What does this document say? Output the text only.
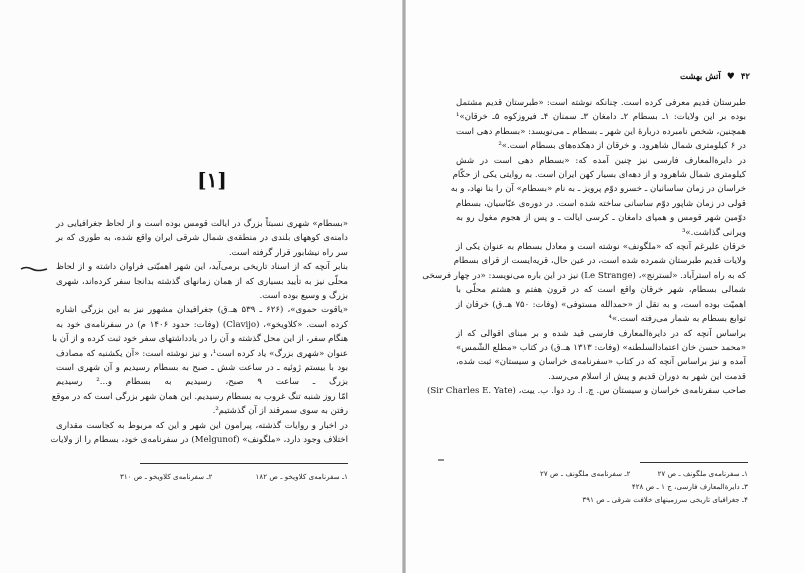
[۱]
«بسطام» شهری نسبتاً بزرگ در ایالت قومس بوده است و از لحاظ جغرافیایی در
دامنه‌ی کوههای بلندی در منطقه‌ی شمال شرقی ایران واقع شده، به طوری که بر
سر راه نیشابور قرار گرفته است.
بنابر آنچه که از اسناد تاریخی برمی‌آید، این شهر اهمیّتی فراوان داشته و از لحاظ
محلّی نیز به تأیید بسیاری که از همان زمانهای گذشته بدانجا سفر کرده‌اند، شهری
بزرگ و وسیع بوده است.
«یاقوت حموی»، (۶۲۶ ـ ۵۳۹ هـ.ق) جغرافیدان مشهور نیز به این بزرگی اشاره
کرده است. «کلاویخو»، (Clavijo) (وفات: حدود ۱۴۰۶ م) در سفرنامه‌ی خود به
هنگام سفر، از این محل گذشته و آن را در یادداشتهای سفر خود ثبت کرده و از آن با
عنوان «شهری بزرگ» یاد کرده است¹، و نیز نوشته است: «آن یکشنبه که مصادف
بود با بیستم ژوئیه ـ در ساعت شش ـ صبح به بسطام رسیدیم و آن شهری است
بزرگ ـ ساعت ۹ صبح، رسیدیم به بسطام و...² رسیدیم
امّا روز شنبه تنگ غروب به بسطام رسیدیم. این همان شهر بزرگی است که در موقع
رفتن به سوی سمرقند از آن گذشتیم².
در اخبار و روایات گذشته، پیرامون این شهر و این که مربوط به کجاست مقداری
اختلاف وجود دارد، «ملگونف» (Melgunof) در سفرنامه‌ی خود، بسطام را از ولایات
۱ـ سفرنامه‌ی کلاویخو ـ ص ۱۸۲
۲ـ سفرنامه‌ی کلاویخو ـ ص ۳۱۰
۴۲
♥
آتش بهشت
طبرستان قدیم معرفی کرده است. چنانکه نوشته است: «طبرستان قدیم مشتمل
بوده بر این ولایات: ۱ـ بسطام ۲ـ دامغان ۳ـ سمنان ۴ـ فیروزکوه ۵ـ خرقان»¹
همچنین، شخص نامبرده دربارهٔ این شهر ـ بسطام ـ می‌نویسد: «بسطام دهی است
در ۶ کیلومتری شمال شاهرود. و خرقان از دهکده‌های بسطام است.»²
در دایرةالمعارف فارسی نیز چنین آمده که: «بسطام دهی است در شش
کیلومتری شمال شاهرود و از دهه‌ای بسیار کهن ایران است. به روایتی یکی از حکّام
خراسان در زمان ساسانیان ـ خسرو دوّم پرویز ـ به نام «بسطام» آن را بنا نهاد، و به
قولی در زمان شاپور دوّم ساسانی ساخته شده است. در دوره‌ی عبّاسیان، بسطام
دوّمین شهر قومس و همپای دامغان ـ کرسی ایالت ـ و پس از هجوم مغول رو به
ویرانی گذاشت.»³
خرقان علیرغم آنچه که «ملگونف» نوشته است و معادل بسطام به عنوان یکی از
ولایات قدیم طبرستان شمرده شده است، در عین حال، قریه‌ایست از قرای بسطام
که به راه استرآباد. «لسترنج»، (Le Strange) نیز در این باره می‌نویسد: «در چهار فرسخی
شمالی بسطام، شهر خرقان واقع است که در قرون هفتم و هشتم محلّی با
اهمیّت بوده است، و به نقل از «حمدالله مستوفی» (وفات: ۷۵۰ هـ.ق) خرقان از
توابع بسطام به شمار می‌رفته است.»⁴
براساس آنچه که در دایرةالمعارف فارسی قید شده و بر مبنای اقوالی که از
«محمد حسن خان اعتمادالسلطنه» (وفات: ۱۳۱۳ هـ.ق) در کتاب «مطلع الشّمس»
آمده و نیز براساس آنچه که در کتاب «سفرنامه‌ی خراسان و سیستان» ثبت شده،
قدمت این شهر به دوران قدیم و پیش از اسلام می‌رسد.
صاحب سفرنامه‌ی خراسان و سیستان س. چ. ا. رد دوا. ب. ییت، (Sir Charles E. Yate)
۱ـ سفرنامه‌ی ملگونف ـ ص ۲۷
۲ـ سفرنامه‌ی ملگونف ـ ص ۲۷
۳ـ دایرةالمعارف فارسی، ج ۱ ـ ص ۴۲۸
۴ـ جغرافیای تاریخی سرزمینهای خلافت شرقی ـ ص ۳۹۱
